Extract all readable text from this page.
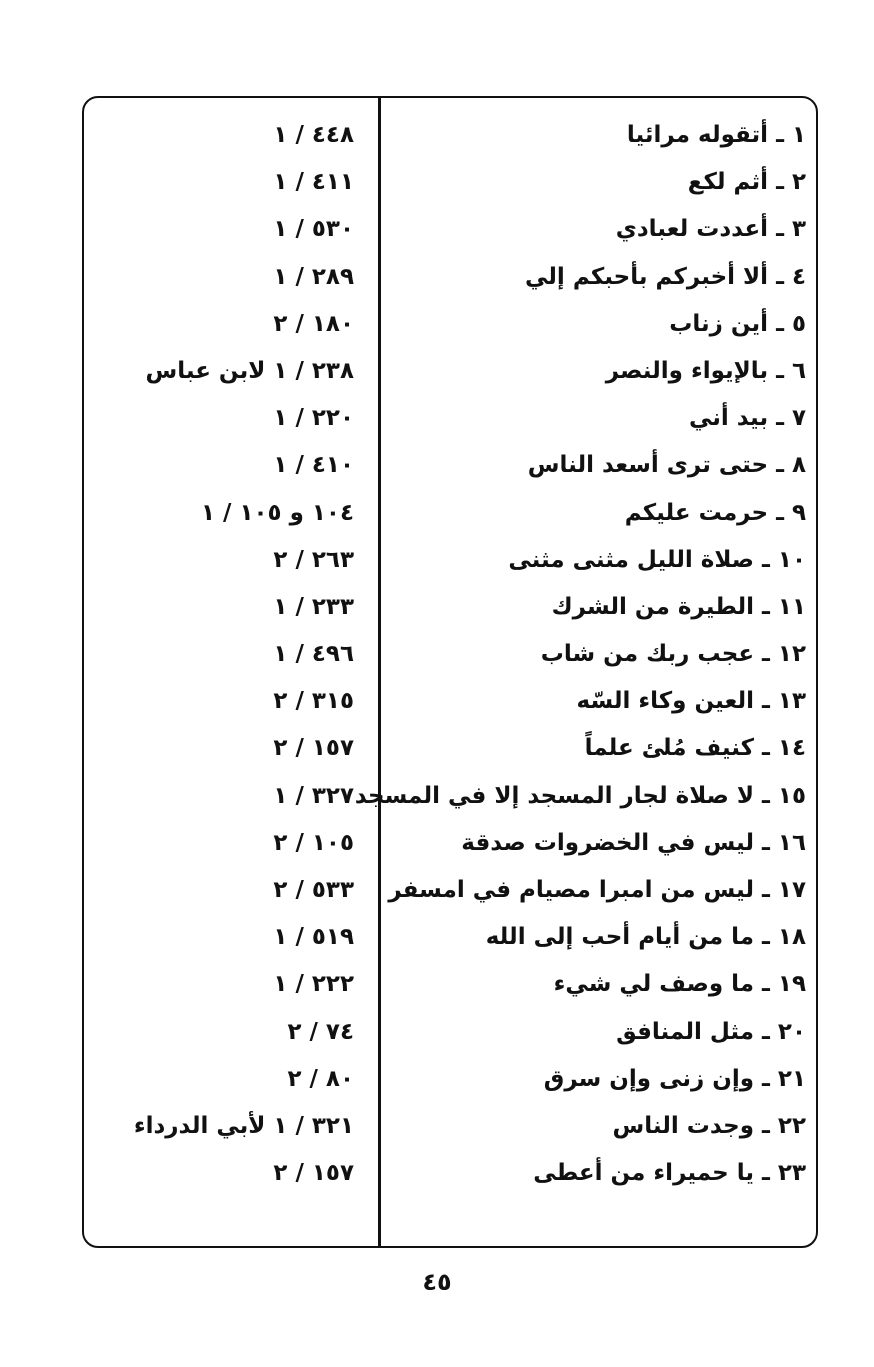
١ ـ أتقوله مرائيا
٤٤٨ / ١
٢ ـ أثم لكع
٤١١ / ١
٣ ـ أعددت لعبادي
٥٣٠ / ١
٤ ـ ألا أخبركم بأحبكم إلي
٢٨٩ / ١
٥ ـ أين زناب
١٨٠ / ٢
٦ ـ بالإيواء والنصر
٢٣٨ / ١ لابن عباس
٧ ـ بيد أني
٢٢٠ / ١
٨ ـ حتى ترى أسعد الناس
٤١٠ / ١
٩ ـ حرمت عليكم
١٠٤ و ١٠٥ / ١
١٠ ـ صلاة الليل مثنى مثنى
٢٦٣ / ٢
١١ ـ الطيرة من الشرك
٢٣٣ / ١
١٢ ـ عجب ربك من شاب
٤٩٦ / ١
١٣ ـ العين وكاء السّه
٣١٥ / ٢
١٤ ـ كنيف مُلئ علماً
١٥٧ / ٢
١٥ ـ لا صلاة لجار المسجد إلا في المسجد
٣٢٧ / ١
١٦ ـ ليس في الخضروات صدقة
١٠٥ / ٢
١٧ ـ ليس من امبرا مصيام في امسفر
٥٣٣ / ٢
١٨ ـ ما من أيام أحب إلى الله
٥١٩ / ١
١٩ ـ ما وصف لي شيء
٢٢٢ / ١
٢٠ ـ مثل المنافق
٧٤ / ٢
٢١ ـ وإن زنى وإن سرق
٨٠ / ٢
٢٢ ـ وجدت الناس
٣٢١ / ١ لأبي الدرداء
٢٣ ـ يا حميراء من أعطى
١٥٧ / ٢
٤٥
